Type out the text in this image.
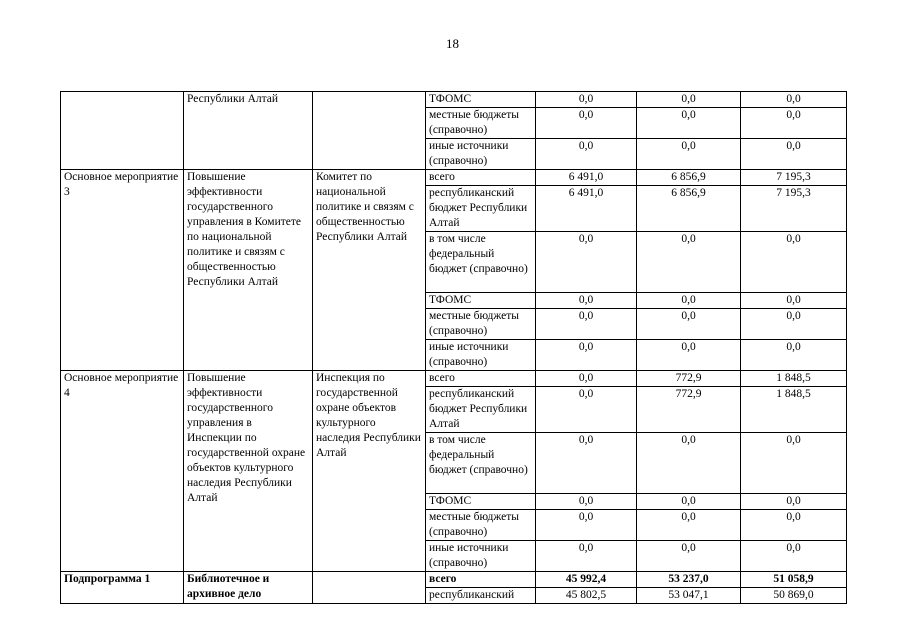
18
	Республики Алтай		ТФОМС	0,0	0,0	0,0
			местные бюджеты (справочно)	0,0	0,0	0,0
			иные источники (справочно)	0,0	0,0	0,0
Основное мероприятие 3	Повышение эффективности государственного управления в Комитете по национальной политике и связям с общественностью Республики Алтай	Комитет по национальной политике и связям с общественностью Республики Алтай	всего	6 491,0	6 856,9	7 195,3
			республиканский бюджет Республики Алтай	6 491,0	6 856,9	7 195,3
			в том числе федеральный бюджет (справочно)	0,0	0,0	0,0
			ТФОМС	0,0	0,0	0,0
			местные бюджеты (справочно)	0,0	0,0	0,0
			иные источники (справочно)	0,0	0,0	0,0
Основное мероприятие 4	Повышение эффективности государственного управления в Инспекции по государственной охране объектов культурного наследия Республики Алтай	Инспекция по государственной охране объектов культурного наследия Республики Алтай	всего	0,0	772,9	1 848,5
			республиканский бюджет Республики Алтай	0,0	772,9	1 848,5
			в том числе федеральный бюджет (справочно)	0,0	0,0	0,0
			ТФОМС	0,0	0,0	0,0
			местные бюджеты (справочно)	0,0	0,0	0,0
			иные источники (справочно)	0,0	0,0	0,0
Подпрограмма 1	Библиотечное и архивное дело		всего	45 992,4	53 237,0	51 058,9
			республиканский	45 802,5	53 047,1	50 869,0
